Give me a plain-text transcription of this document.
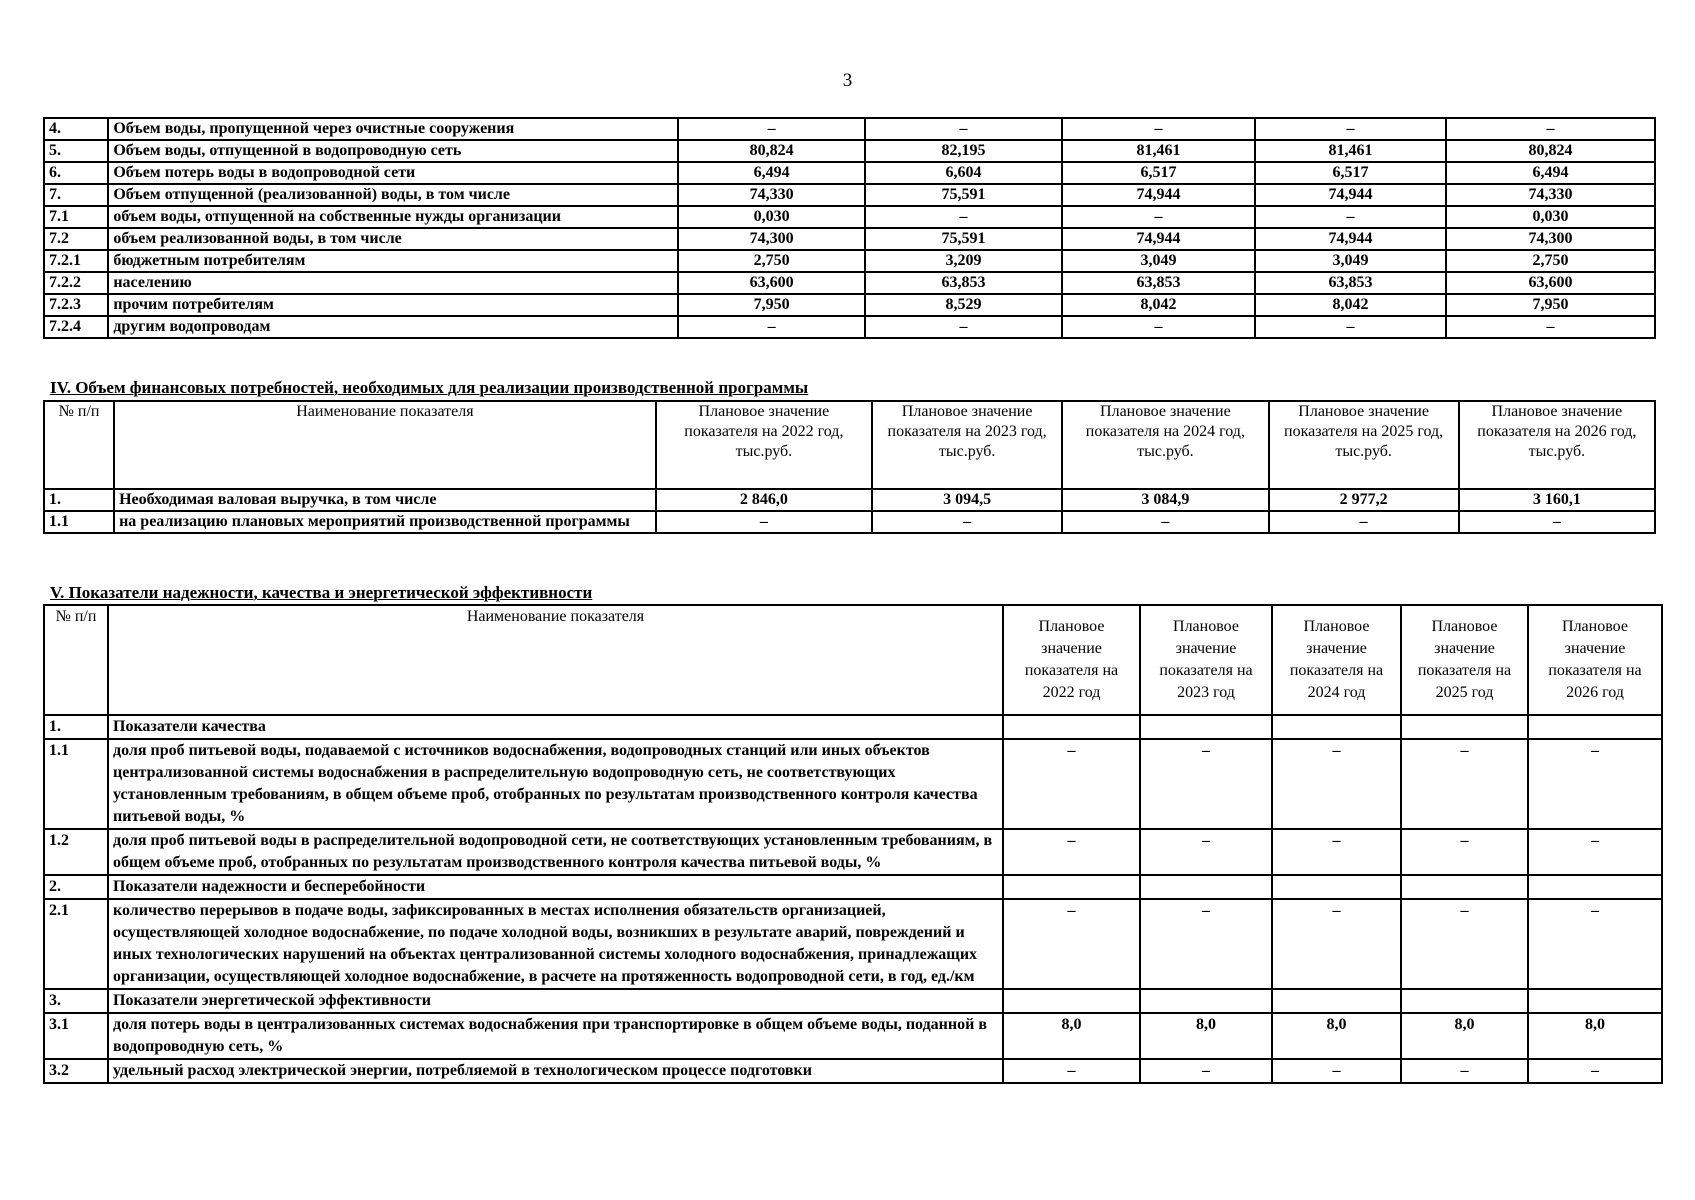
3
4.	Объем воды, пропущенной через очистные сооружения	–	–	–	–	–
5.	Объем воды, отпущенной в водопроводную сеть	80,824	82,195	81,461	81,461	80,824
6.	Объем потерь воды в водопроводной сети	6,494	6,604	6,517	6,517	6,494
7.	Объем отпущенной (реализованной) воды, в том числе	74,330	75,591	74,944	74,944	74,330
7.1	объем воды, отпущенной на собственные нужды организации	0,030	–	–	–	0,030
7.2	объем реализованной воды, в том числе	74,300	75,591	74,944	74,944	74,300
7.2.1	бюджетным потребителям	2,750	3,209	3,049	3,049	2,750
7.2.2	населению	63,600	63,853	63,853	63,853	63,600
7.2.3	прочим потребителям	7,950	8,529	8,042	8,042	7,950
7.2.4	другим водопроводам	–	–	–	–	–
IV. Объем финансовых потребностей, необходимых для реализации производственной программы
№ п/п	Наименование показателя	Плановое значение показателя на 2022 год, тыс.руб.	Плановое значение показателя на 2023 год, тыс.руб.	Плановое значение показателя на 2024 год, тыс.руб.	Плановое значение показателя на 2025 год, тыс.руб.	Плановое значение показателя на 2026 год, тыс.руб.
1.	Необходимая валовая выручка, в том числе	2 846,0	3 094,5	3 084,9	2 977,2	3 160,1
1.1	на реализацию плановых мероприятий производственной программы	–	–	–	–	–
V. Показатели надежности, качества и энергетической эффективности
№ п/п	Наименование показателя	Плановое значение показателя на 2022 год	Плановое значение показателя на 2023 год	Плановое значение показателя на 2024 год	Плановое значение показателя на 2025 год	Плановое значение показателя на 2026 год
1.	Показатели качества					
1.1	доля проб питьевой воды, подаваемой с источников водоснабжения, водопроводных станций или иных объектов централизованной системы водоснабжения в распределительную водопроводную сеть, не соответствующих установленным требованиям, в общем объеме проб, отобранных по результатам производственного контроля качества питьевой воды, %	–	–	–	–	–
1.2	доля проб питьевой воды в распределительной водопроводной сети, не соответствующих установленным требованиям, в общем объеме проб, отобранных по результатам производственного контроля качества питьевой воды, %	–	–	–	–	–
2.	Показатели надежности и бесперебойности					
2.1	количество перерывов в подаче воды, зафиксированных в местах исполнения обязательств организацией, осуществляющей холодное водоснабжение, по подаче холодной воды, возникших в результате аварий, повреждений и иных технологических нарушений на объектах централизованной системы холодного водоснабжения, принадлежащих организации, осуществляющей холодное водоснабжение, в расчете на протяженность водопроводной сети, в год, ед./км	–	–	–	–	–
3.	Показатели энергетической эффективности					
3.1	доля потерь воды в централизованных системах водоснабжения при транспортировке в общем объеме воды, поданной в водопроводную сеть, %	8,0	8,0	8,0	8,0	8,0
3.2	удельный расход электрической энергии, потребляемой в технологическом процессе подготовки	–	–	–	–	–
